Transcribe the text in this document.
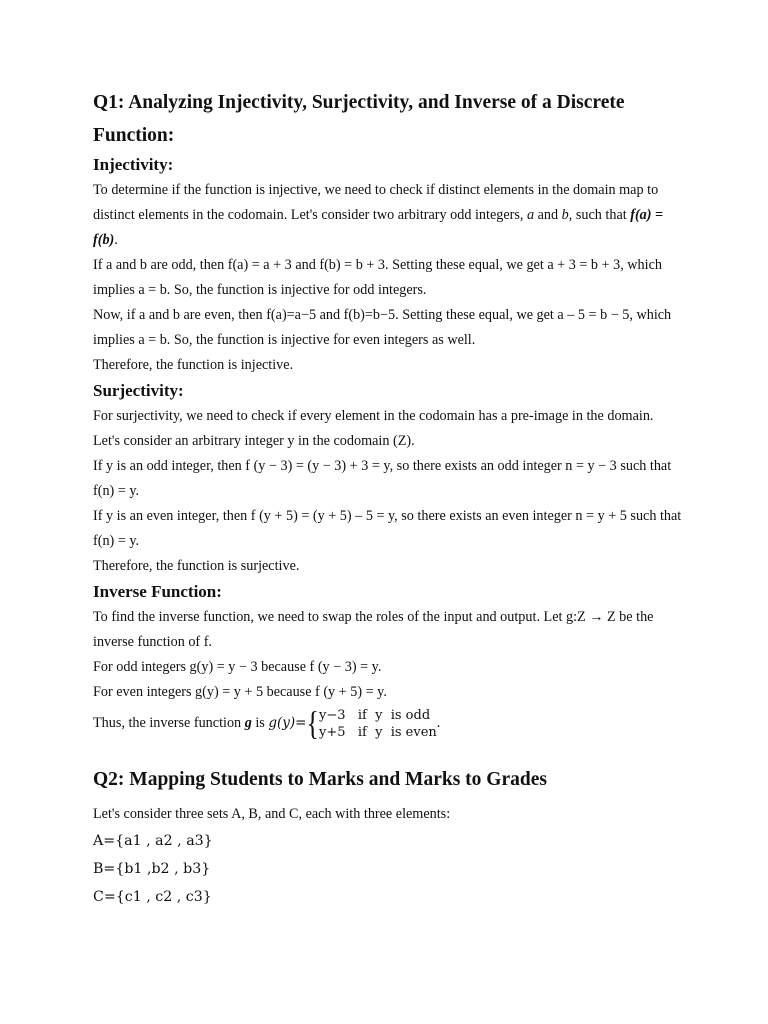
Q1: Analyzing Injectivity, Surjectivity, and Inverse of a Discrete Function:
Injectivity:

To determine if the function is injective, we need to check if distinct elements in the domain map to distinct elements in the codomain. Let's consider two arbitrary odd integers, a and b, such that f(a) = f(b).

If a and b are odd, then f(a) = a + 3 and f(b) = b + 3. Setting these equal, we get a + 3 = b + 3, which implies a = b. So, the function is injective for odd integers.

Now, if a and b are even, then f(a)=a−5 and f(b)=b−5. Setting these equal, we get a – 5 = b − 5, which implies a = b. So, the function is injective for even integers as well.

Therefore, the function is injective.

Surjectivity:

For surjectivity, we need to check if every element in the codomain has a pre-image in the domain. Let's consider an arbitrary integer y in the codomain (Z).

If y is an odd integer, then f (y − 3) = (y − 3) + 3 = y, so there exists an odd integer n = y − 3 such that f(n) = y.

If y is an even integer, then f (y + 5) = (y + 5) – 5 = y, so there exists an even integer n = y + 5 such that f(n) = y.

Therefore, the function is surjective.

Inverse Function:

To find the inverse function, we need to swap the roles of the input and output. Let g:Z → Z be the inverse function of f.

For odd integers g(y) = y − 3 because f (y − 3) = y.

For even integers g(y) = y + 5 because f (y + 5) = y.

Thus, the inverse function g is g(y)={ y−3   if  y  is odd
y+5   if  y  is even
.

Q2: Mapping Students to Marks and Marks to Grades

Let's consider three sets A, B, and C, each with three elements:

A={a1 , a2 , a3}
B={b1 ,b2 , b3}
C={c1 , c2 , c3}
